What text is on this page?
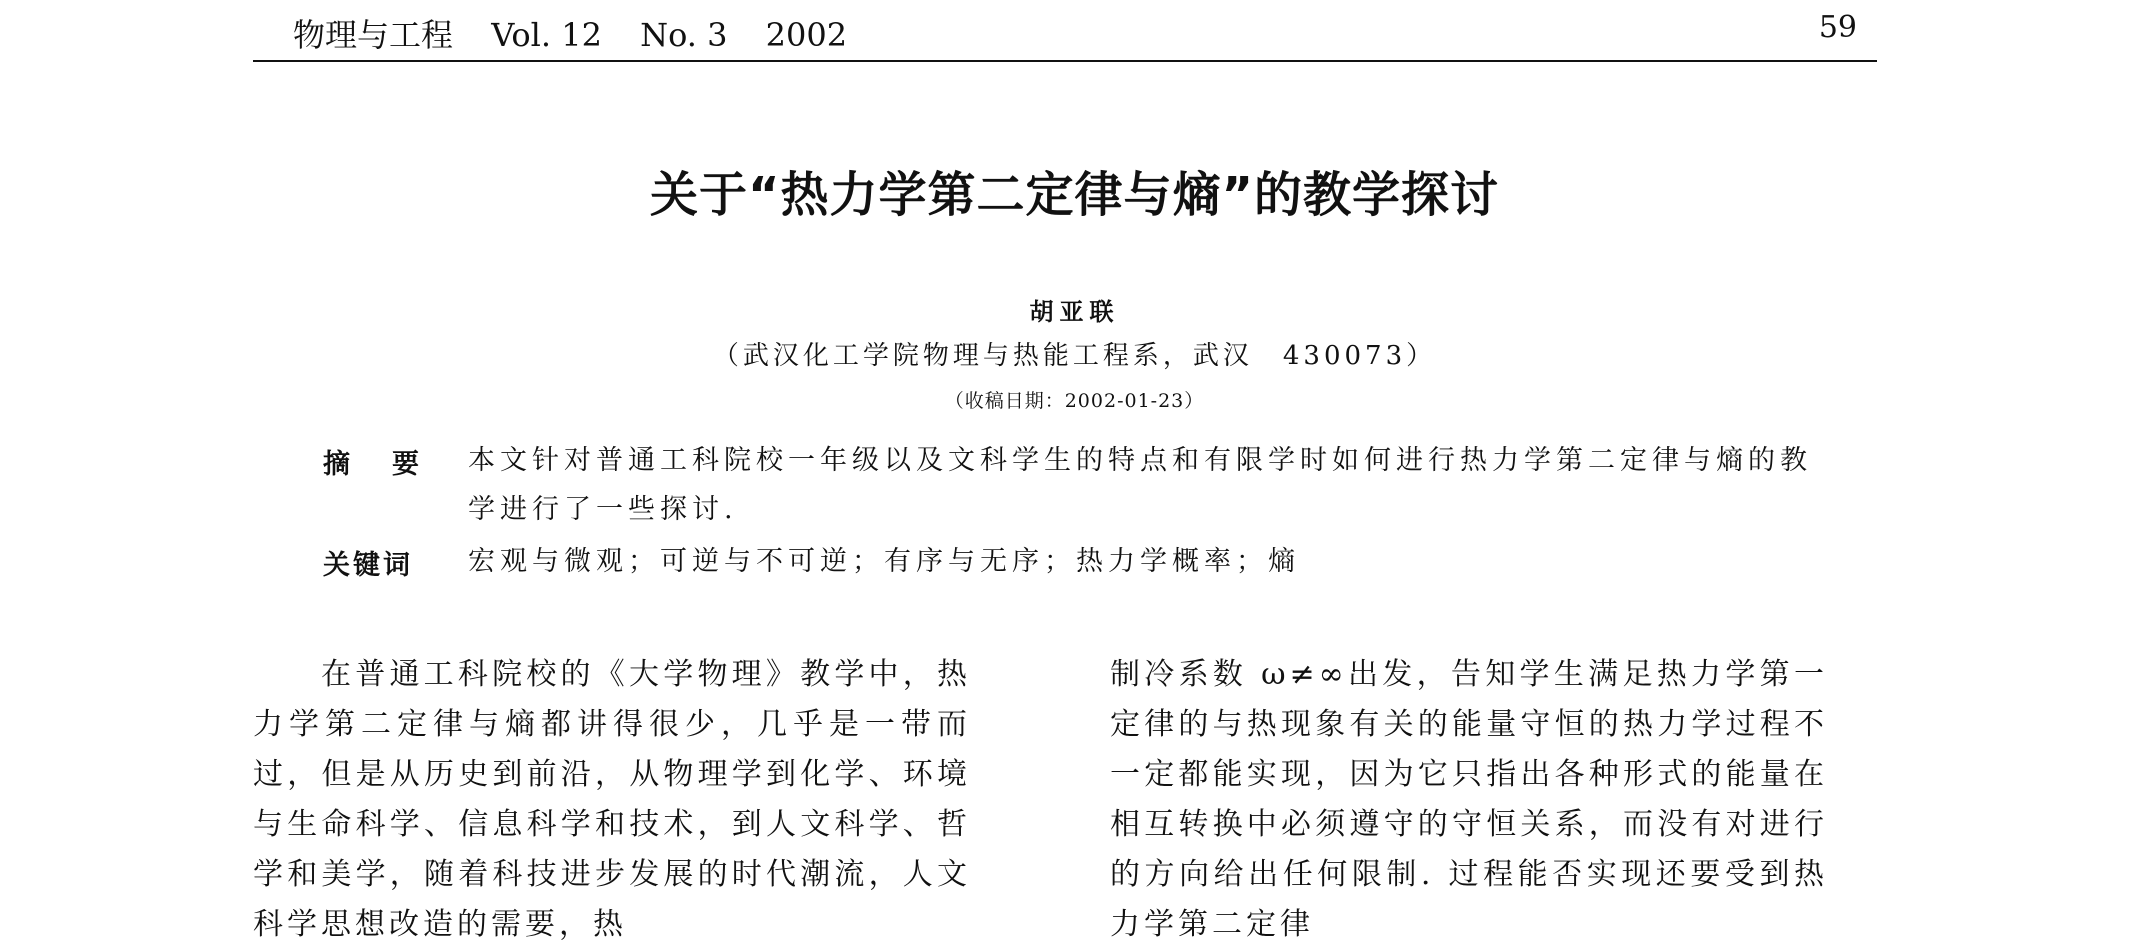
物理与工程 Vol. 12 No. 3 2002	59
关于“热力学第二定律与熵”的教学探讨
胡亚联
（武汉化工学院物理与热能工程系，武汉　430073）
（收稿日期：2002-01-23）
摘要 本文针对普通工科院校一年级以及文科学生的特点和有限学时如何进行热力学第二定律与熵的教学进行了一些探讨.
关键词 宏观与微观；可逆与不可逆；有序与无序；热力学概率；熵
在普通工科院校的《大学物理》教学中，热力学第二定律与熵都讲得很少，几乎是一带而过，但是从历史到前沿，从物理学到化学、环境与生命科学、信息科学和技术，到人文科学、哲学和美学，随着科技进步发展的时代潮流，人文科学思想改造的需要，热
制冷系数 ω≠∞出发，告知学生满足热力学第一定律的与热现象有关的能量守恒的热力学过程不一定都能实现，因为它只指出各种形式的能量在相互转换中必须遵守的守恒关系，而没有对进行的方向给出任何限制. 过程能否实现还要受到热力学第二定律
